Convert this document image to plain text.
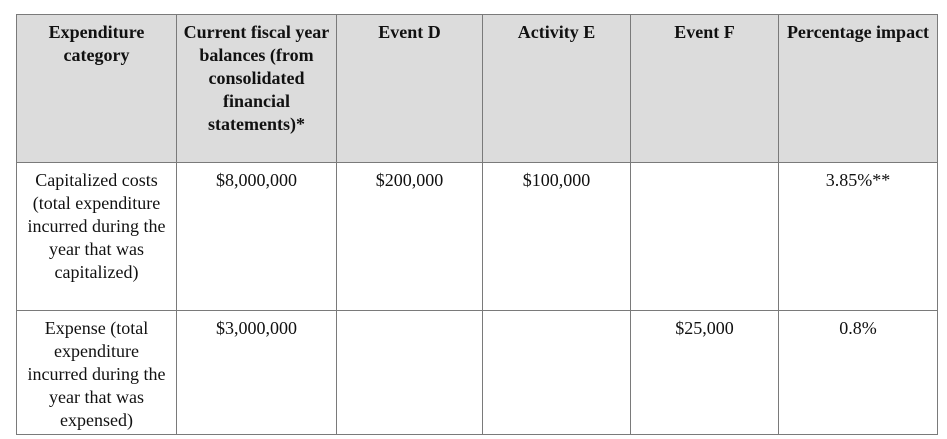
Expenditure category	Current fiscal year balances (from consolidated financial statements)*	Event D	Activity E	Event F	Percentage impact
Capitalized costs (total expenditure incurred during the year that was capitalized)	$8,000,000	$200,000	$100,000		3.85%**
Expense (total expenditure incurred during the year that was expensed)	$3,000,000			$25,000	0.8%
